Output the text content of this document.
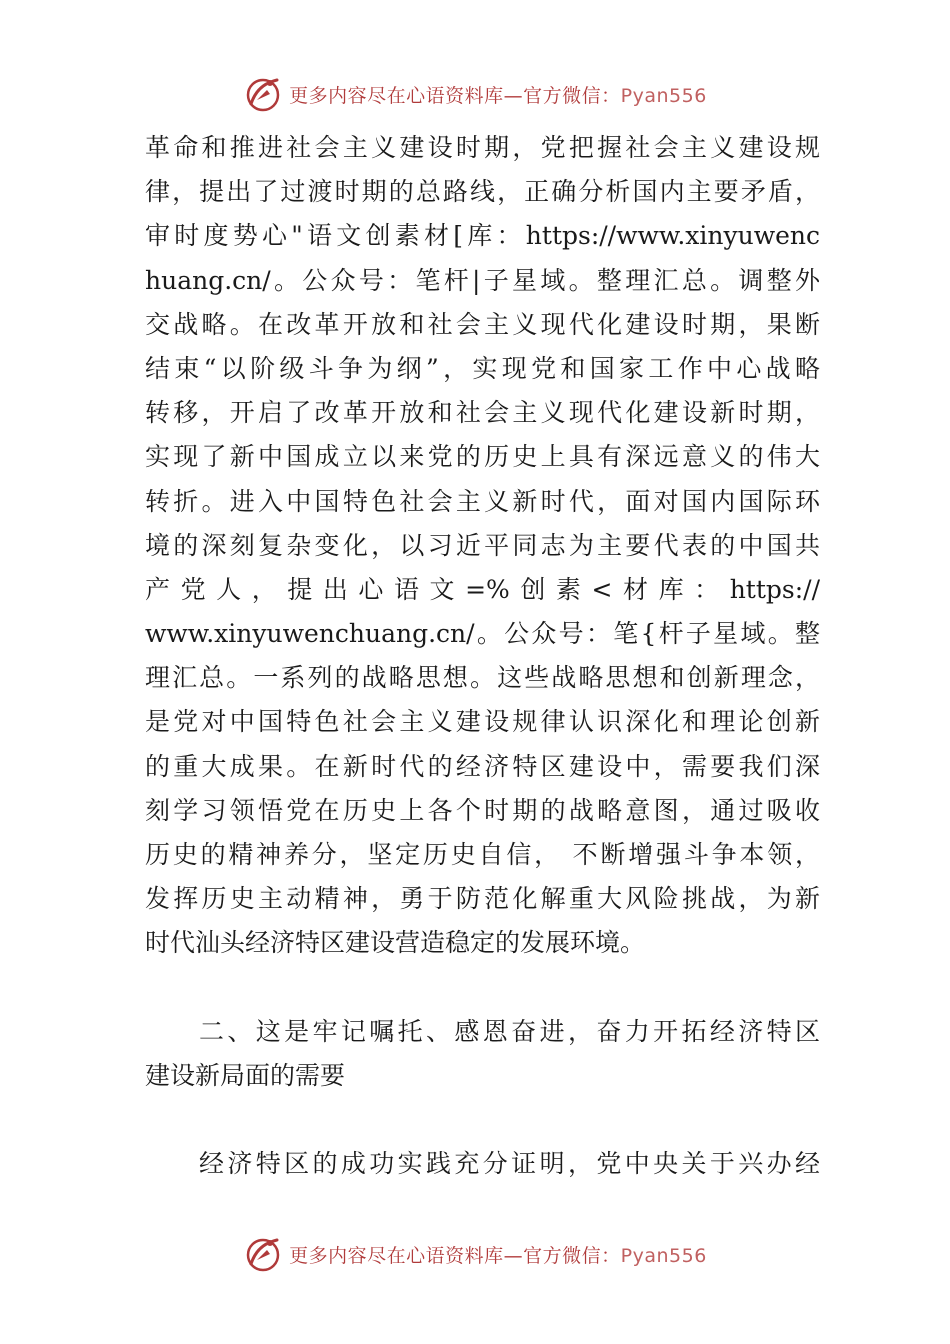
更多内容尽在心语资料库—官方微信：Pyan556
革命和推进社会主义建设时期，党把握社会主义建设规
律，提出了过渡时期的总路线，正确分析国内主要矛盾，
审时度势心"语文创素材[库：https://www.xinyuwenc
huang.cn/。公众号：笔杆|子星域。整理汇总。调整外
交战略。在改革开放和社会主义现代化建设时期，果断
结束“以阶级斗争为纲”，实现党和国家工作中心战略
转移，开启了改革开放和社会主义现代化建设新时期，
实现了新中国成立以来党的历史上具有深远意义的伟大
转折。进入中国特色社会主义新时代，面对国内国际环
境的深刻复杂变化，以习近平同志为主要代表的中国共
产党人，提出心语文=%创素<材库：https://
www.xinyuwenchuang.cn/。公众号：笔{杆子星域。整
理汇总。一系列的战略思想。这些战略思想和创新理念，
是党对中国特色社会主义建设规律认识深化和理论创新
的重大成果。在新时代的经济特区建设中，需要我们深
刻学习领悟党在历史上各个时期的战略意图，通过吸收
历史的精神养分，坚定历史自信， 不断增强斗争本领，
发挥历史主动精神，勇于防范化解重大风险挑战，为新
时代汕头经济特区建设营造稳定的发展环境。
二、这是牢记嘱托、感恩奋进，奋力开拓经济特区
建设新局面的需要
经济特区的成功实践充分证明，党中央关于兴办经
更多内容尽在心语资料库—官方微信：Pyan556
